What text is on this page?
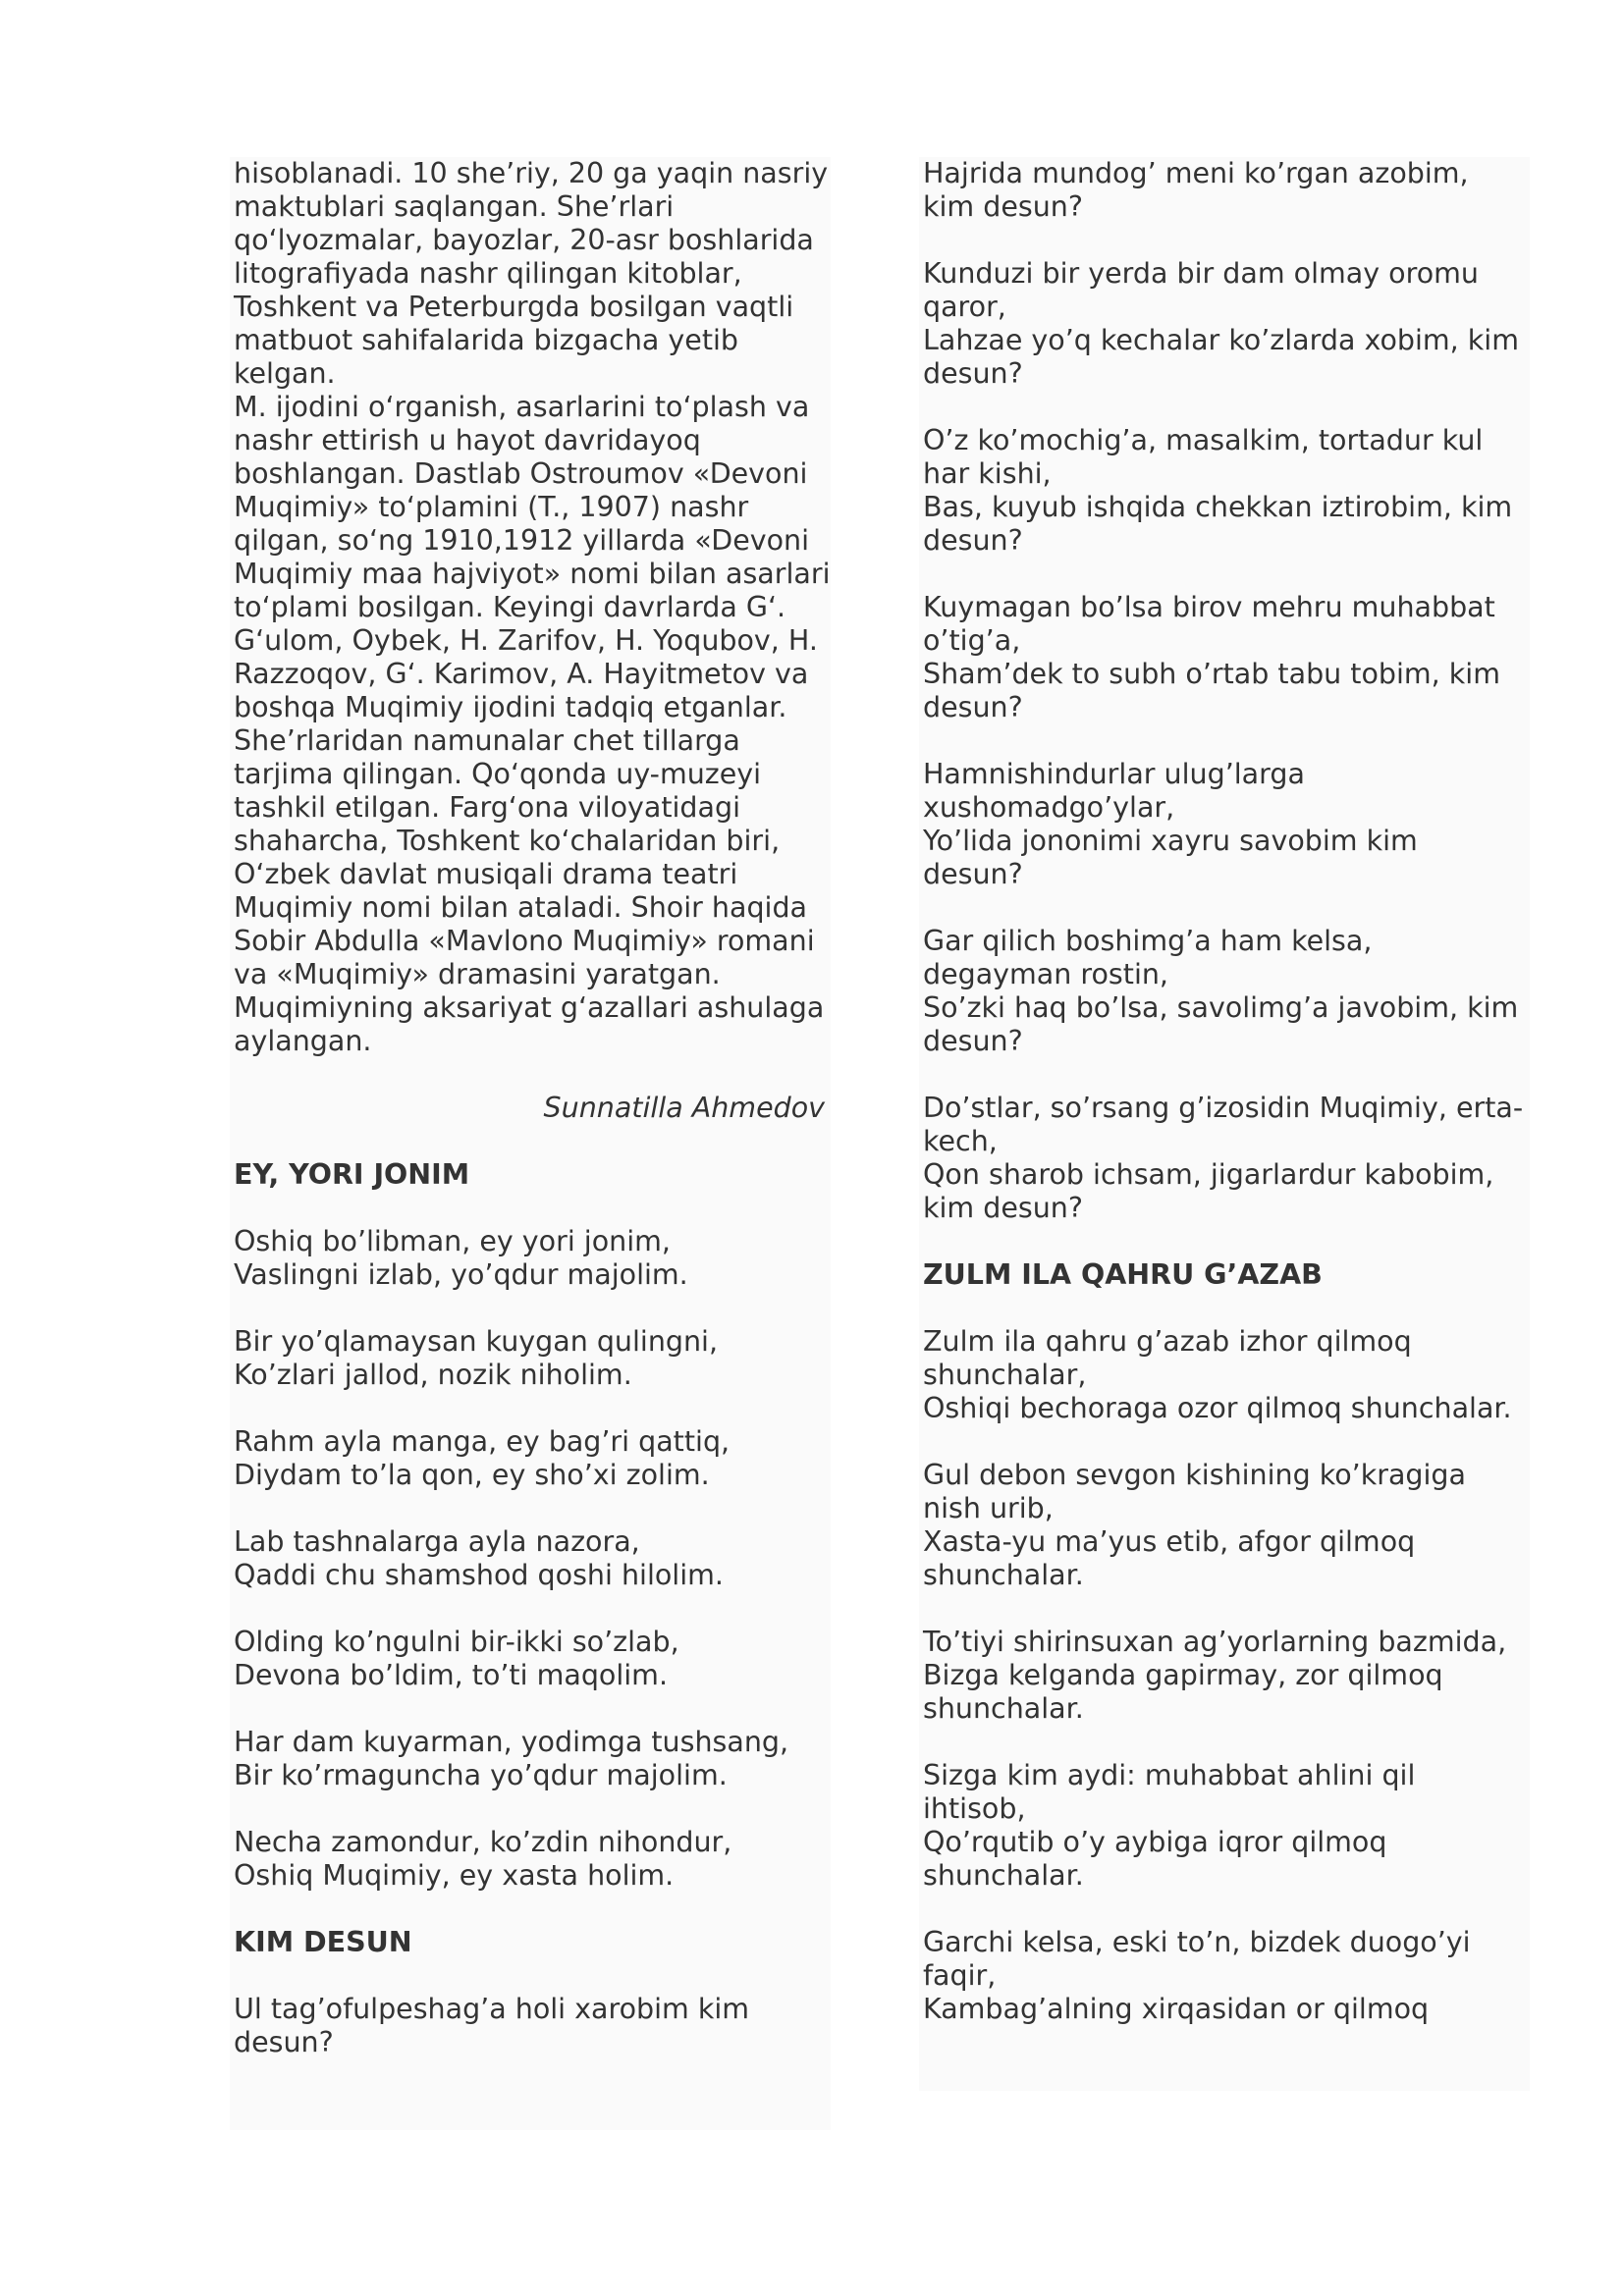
hisoblanadi. 10 she’riy, 20 ga yaqin nasriy
maktublari saqlangan. She’rlari
qo‘lyozmalar, bayozlar, 20-asr boshlarida
litografiyada nashr qilingan kitoblar,
Toshkent va Peterburgda bosilgan vaqtli
matbuot sahifalarida bizgacha yetib
kelgan.
M. ijodini o‘rganish, asarlarini to‘plash va
nashr ettirish u hayot davridayoq
boshlangan. Dastlab Ostroumov «Devoni
Muqimiy» to‘plamini (T., 1907) nashr
qilgan, so‘ng 1910,1912 yillarda «Devoni
Muqimiy maa hajviyot» nomi bilan asarlari
to‘plami bosilgan. Keyingi davrlarda G‘.
G‘ulom, Oybek, H. Zarifov, H. Yoqubov, H.
Razzoqov, G‘. Karimov, A. Hayitmetov va
boshqa Muqimiy ijodini tadqiq etganlar.
She’rlaridan namunalar chet tillarga
tarjima qilingan. Qo‘qonda uy-muzeyi
tashkil etilgan. Farg‘ona viloyatidagi
shaharcha, Toshkent ko‘chalaridan biri,
O‘zbek davlat musiqali drama teatri
Muqimiy nomi bilan ataladi. Shoir haqida
Sobir Abdulla «Mavlono Muqimiy» romani
va «Muqimiy» dramasini yaratgan.
Muqimiyning aksariyat g‘azallari ashulaga
aylangan.

Sunnatilla Ahmedov

EY, YORI JONIM

Oshiq bo’libman, ey yori jonim,
Vaslingni izlab, yo’qdur majolim.

Bir yo’qlamaysan kuygan qulingni,
Ko’zlari jallod, nozik niholim.

Rahm ayla manga, ey bag’ri qattiq,
Diydam to’la qon, ey sho’xi zolim.

Lab tashnalarga ayla nazora,
Qaddi chu shamshod qoshi hilolim.

Olding ko’ngulni bir-ikki so’zlab,
Devona bo’ldim, to’ti maqolim.

Har dam kuyarman, yodimga tushsang,
Bir ko’rmaguncha yo’qdur majolim.

Necha zamondur, ko’zdin nihondur,
Oshiq Muqimiy, ey xasta holim.

KIM DESUN

Ul tag’ofulpeshag’a holi xarobim kim
desun?

Hajrida mundog’ meni ko’rgan azobim,
kim desun?

Kunduzi bir yerda bir dam olmay oromu
qaror,
Lahzae yo’q kechalar ko’zlarda xobim, kim
desun?

O’z ko’mochig’a, masalkim, tortadur kul
har kishi,
Bas, kuyub ishqida chekkan iztirobim, kim
desun?

Kuymagan bo’lsa birov mehru muhabbat
o’tig’a,
Sham’dek to subh o’rtab tabu tobim, kim
desun?

Hamnishindurlar ulug’larga
xushomadgo’ylar,
Yo’lida jononimi xayru savobim kim
desun?

Gar qilich boshimg’a ham kelsa,
degayman rostin,
So’zki haq bo’lsa, savolimg’a javobim, kim
desun?

Do’stlar, so’rsang g’izosidin Muqimiy, erta-
kech,
Qon sharob ichsam, jigarlardur kabobim,
kim desun?

ZULM ILA QAHRU G’AZAB

Zulm ila qahru g’azab izhor qilmoq
shunchalar,
Oshiqi bechoraga ozor qilmoq shunchalar.

Gul debon sevgon kishining ko’kragiga
nish urib,
Xasta-yu ma’yus etib, afgor qilmoq
shunchalar.

To’tiyi shirinsuxan ag’yorlarning bazmida,
Bizga kelganda gapirmay, zor qilmoq
shunchalar.

Sizga kim aydi: muhabbat ahlini qil
ihtisob,
Qo’rqutib o’y aybiga iqror qilmoq
shunchalar.

Garchi kelsa, eski to’n, bizdek duogo’yi
faqir,
Kambag’alning xirqasidan or qilmoq
